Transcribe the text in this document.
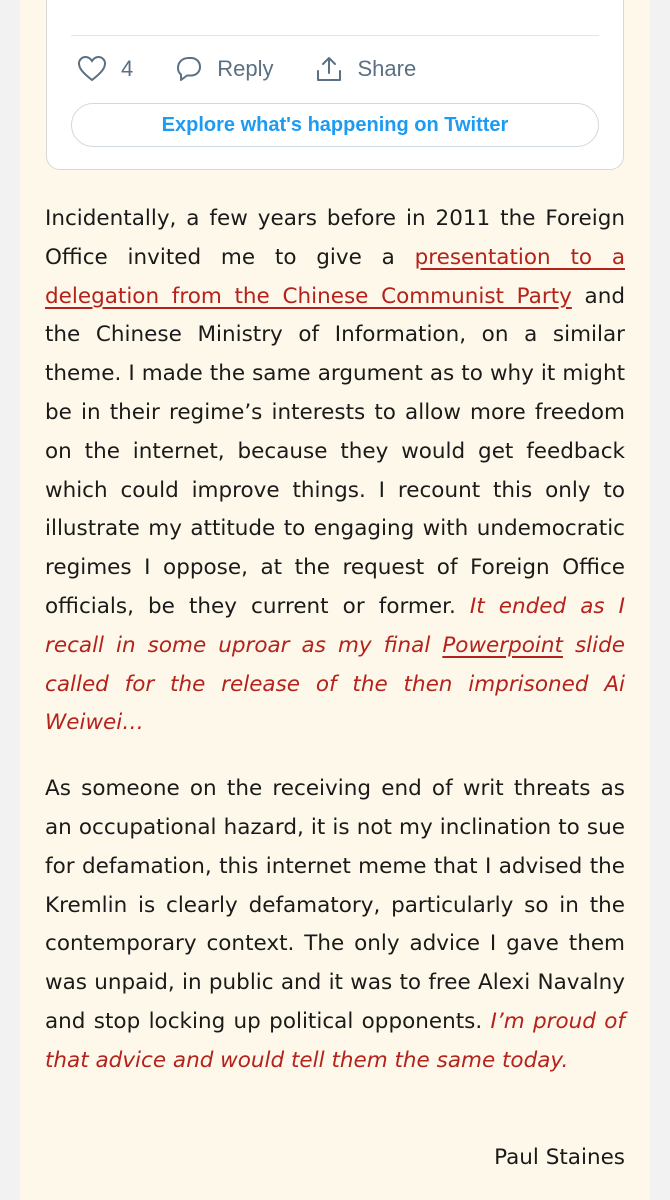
4	Reply	Share
Explore what's happening on Twitter

Incidentally, a few years before in 2011 the Foreign Office invited me to give a presentation to a delegation from the Chinese Communist Party and the Chinese Ministry of Information, on a similar theme. I made the same argument as to why it might be in their regime’s interests to allow more freedom on the internet, because they would get feedback which could improve things. I recount this only to illustrate my attitude to engaging with undemocratic regimes I oppose, at the request of Foreign Office officials, be they current or former. It ended as I recall in some uproar as my final Powerpoint slide called for the release of the then imprisoned Ai Weiwei…

As someone on the receiving end of writ threats as an occupational hazard, it is not my inclination to sue for defamation, this internet meme that I advised the Kremlin is clearly defamatory, particularly so in the contemporary context. The only advice I gave them was unpaid, in public and it was to free Alexi Navalny and stop locking up political opponents. I’m proud of that advice and would tell them the same today.

Paul Staines
